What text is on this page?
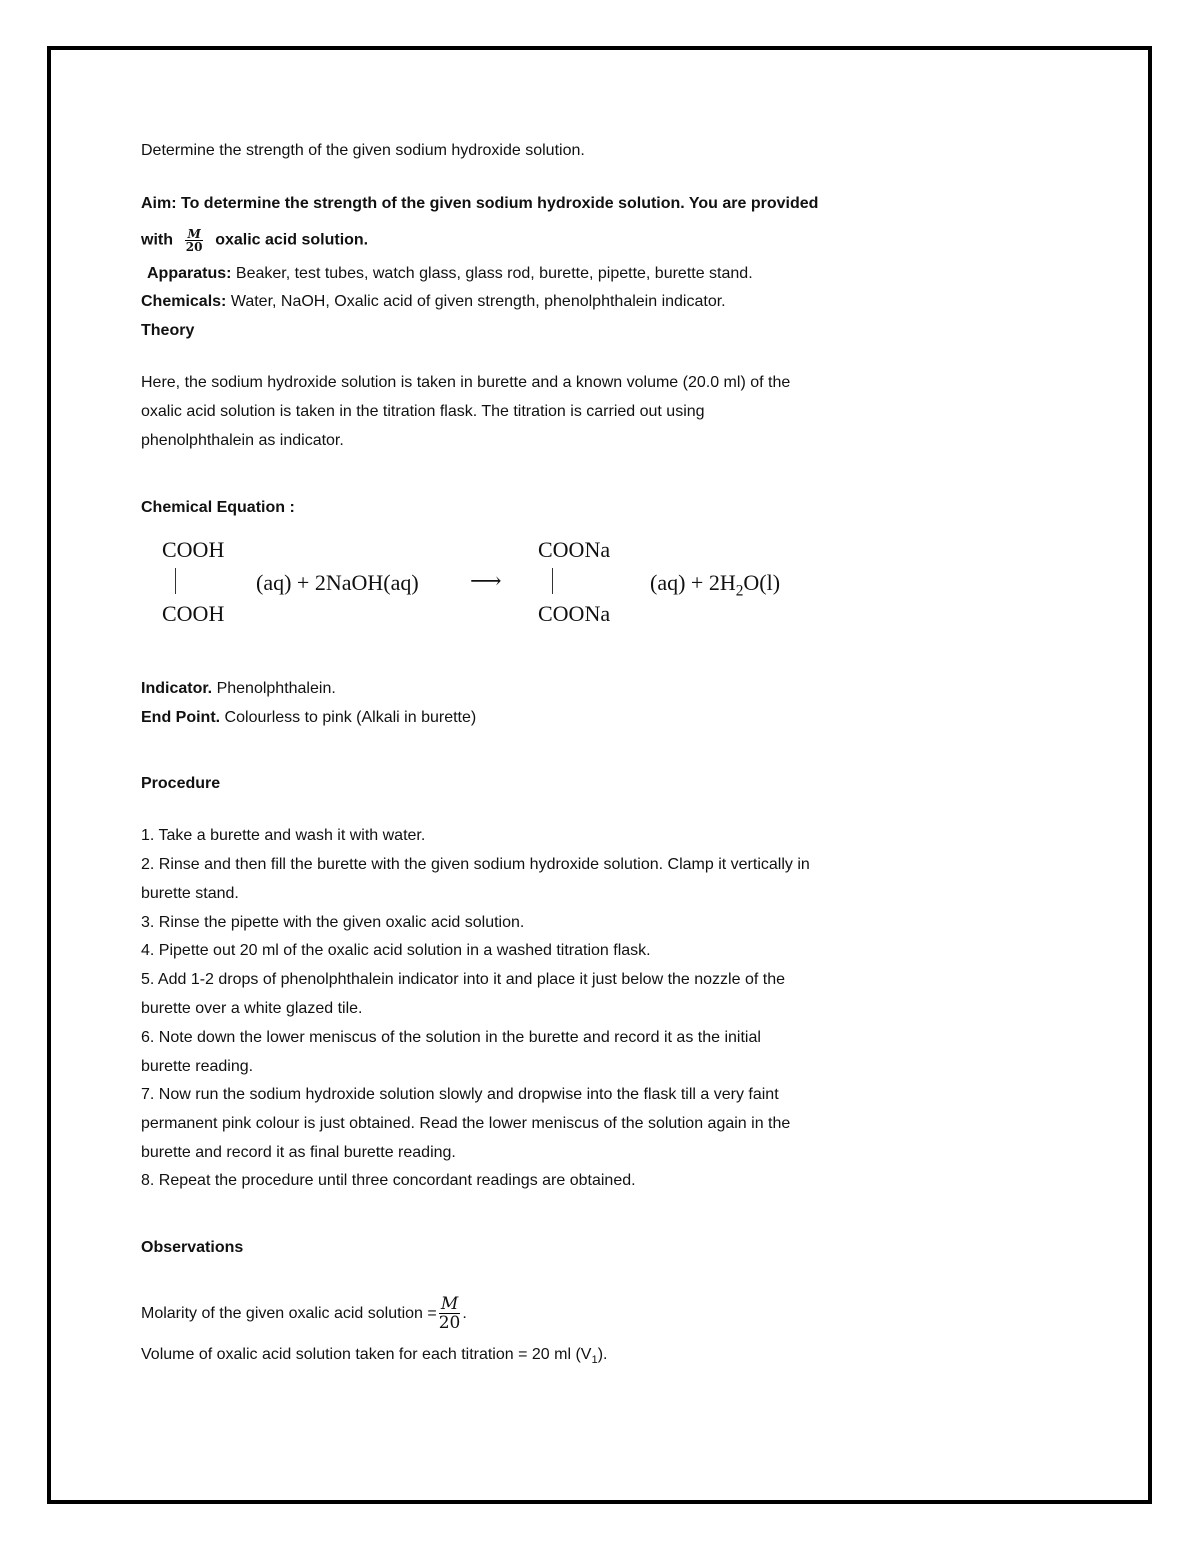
Determine the strength of the given sodium hydroxide solution.
Aim: To determine the strength of the given sodium hydroxide solution. You are provided
with $\frac{M}{20}$ oxalic acid solution.
Apparatus: Beaker, test tubes, watch glass, glass rod, burette, pipette, burette stand.
Chemicals: Water, NaOH, Oxalic acid of given strength, phenolphthalein indicator.
Theory
Here, the sodium hydroxide solution is taken in burette and a known volume (20.0 ml) of the
oxalic acid solution is taken in the titration flask. The titration is carried out using
phenolphthalein as indicator.
Chemical Equation :
COOH
COOH
(aq) + 2NaOH(aq) ⟶
COONa
COONa
$(aq) + 2H_2O(l)$
Indicator. Phenolphthalein.
End Point. Colourless to pink (Alkali in burette)
Procedure
1. Take a burette and wash it with water.
2. Rinse and then fill the burette with the given sodium hydroxide solution. Clamp it vertically in
burette stand.
3. Rinse the pipette with the given oxalic acid solution.
4. Pipette out 20 ml of the oxalic acid solution in a washed titration flask.
5. Add 1-2 drops of phenolphthalein indicator into it and place it just below the nozzle of the
burette over a white glazed tile.
6. Note down the lower meniscus of the solution in the burette and record it as the initial
burette reading.
7. Now run the sodium hydroxide solution slowly and dropwise into the flask till a very faint
permanent pink colour is just obtained. Read the lower meniscus of the solution again in the
burette and record it as final burette reading.
8. Repeat the procedure until three concordant readings are obtained.
Observations
Molarity of the given oxalic acid solution = $\frac{M}{20}$ .
Volume of oxalic acid solution taken for each titration = 20 ml $(V_1)$.
